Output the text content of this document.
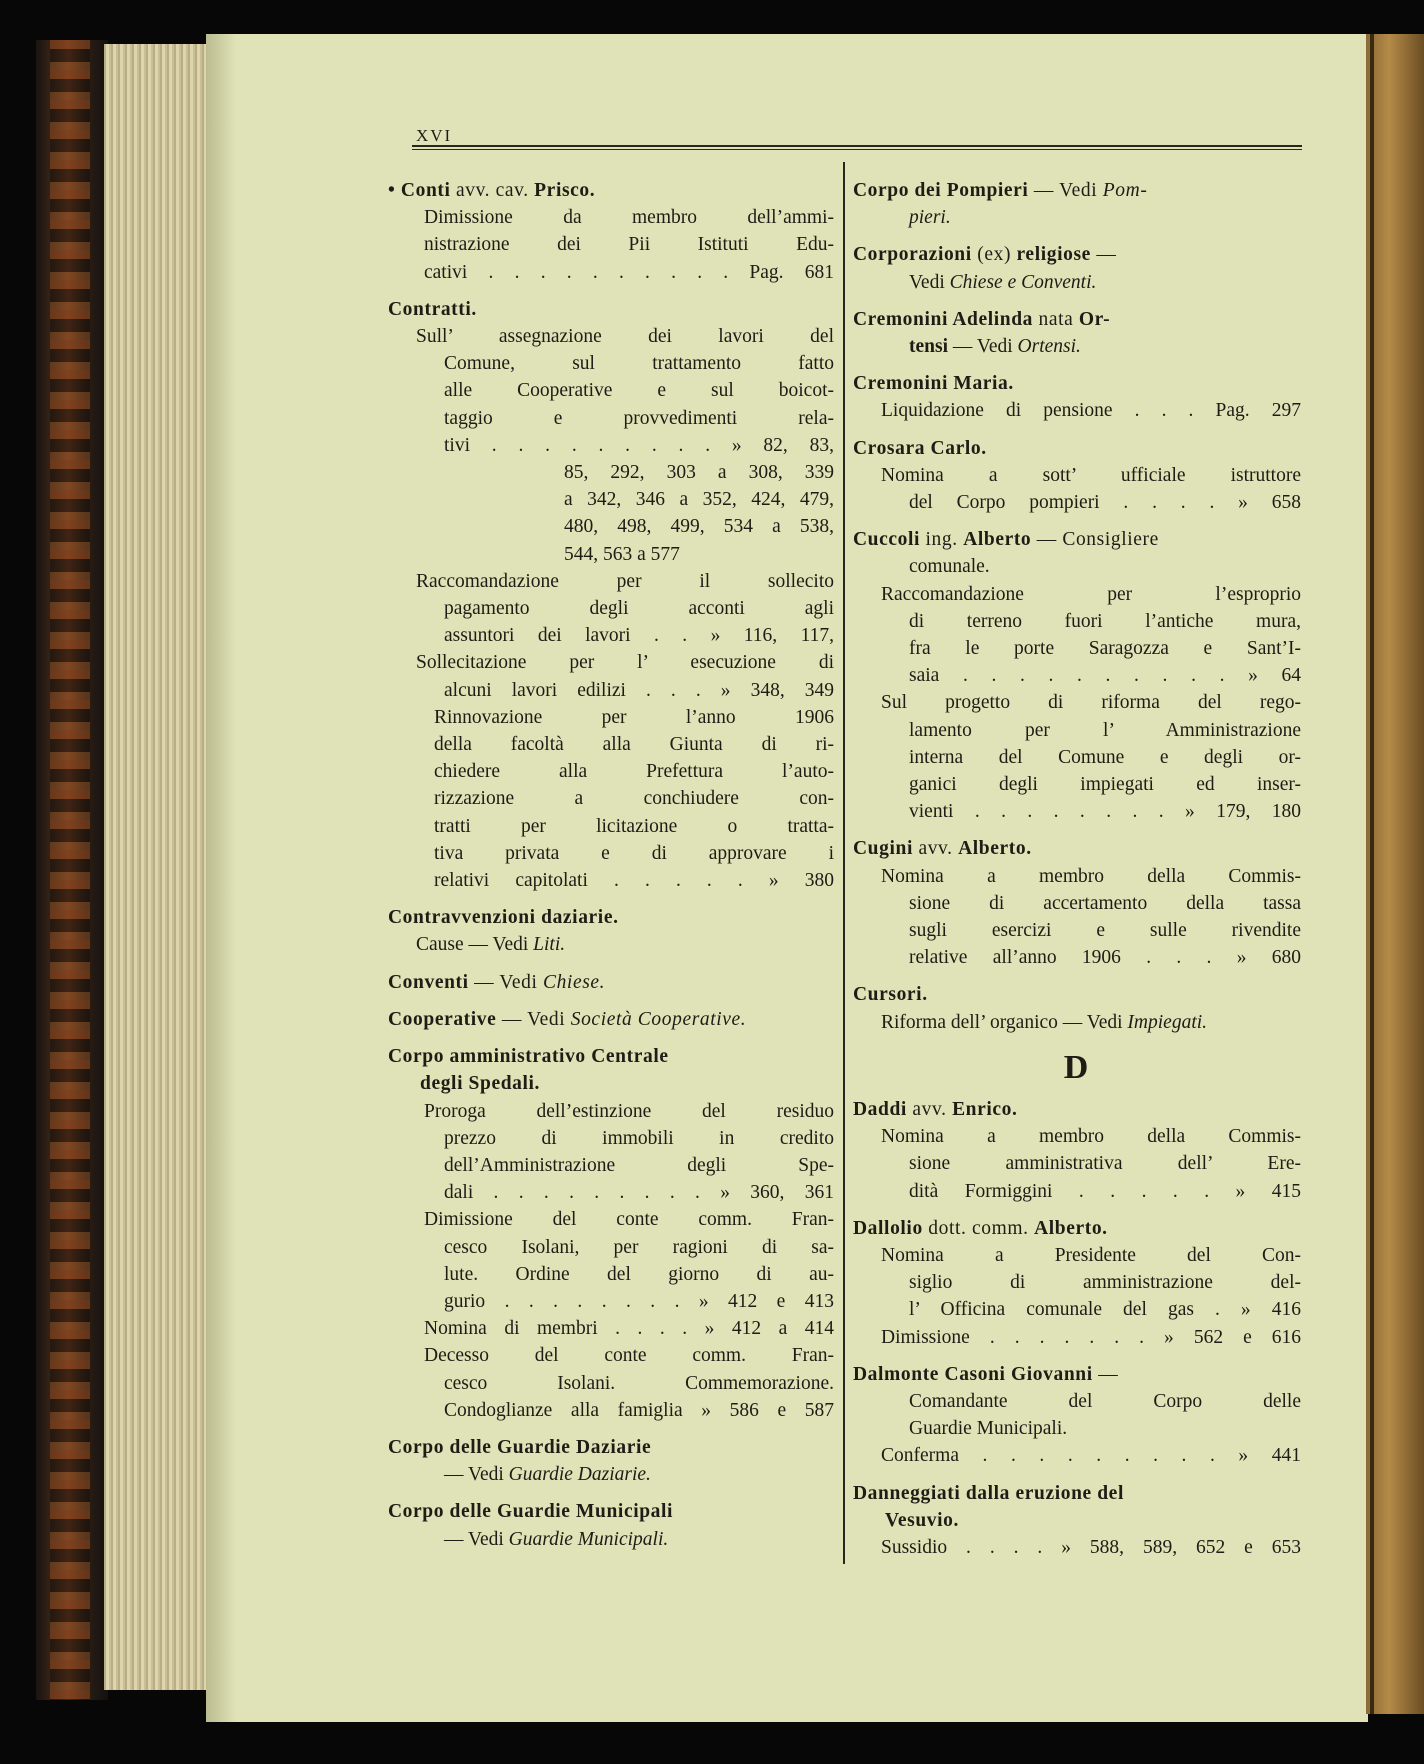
XVI
• Conti avv. cav. Prisco.
Dimissione da membro dell’ammi-
nistrazione dei Pii Istituti Edu-
cativi . . . . . . . . . . Pag. 681
Contratti.
Sull’ assegnazione dei lavori del
Comune, sul trattamento fatto
alle Cooperative e sul boicot-
taggio e provvedimenti rela-
tivi . . . . . . . . . » 82, 83,
85, 292, 303 a 308, 339
a 342, 346 a 352, 424, 479,
480, 498, 499, 534 a 538,
544, 563 a 577
Raccomandazione per il sollecito
pagamento degli acconti agli
assuntori dei lavori . . » 116, 117,
Sollecitazione per l’ esecuzione di
alcuni lavori edilizi . . . » 348, 349
Rinnovazione per l’anno 1906
della facoltà alla Giunta di ri-
chiedere alla Prefettura l’auto-
rizzazione a conchiudere con-
tratti per licitazione o tratta-
tiva privata e di approvare i
relativi capitolati . . . . . » 380
Contravvenzioni daziarie.
Cause — Vedi Liti.
Conventi — Vedi Chiese.
Cooperative — Vedi Società Cooperative.
Corpo amministrativo Centrale
degli Spedali.
Proroga dell’estinzione del residuo
prezzo di immobili in credito
dell’Amministrazione degli Spe-
dali . . . . . . . . . » 360, 361
Dimissione del conte comm. Fran-
cesco Isolani, per ragioni di sa-
lute. Ordine del giorno di au-
gurio . . . . . . . . » 412 e 413
Nomina di membri . . . . » 412 a 414
Decesso del conte comm. Fran-
cesco Isolani. Commemorazione.
Condoglianze alla famiglia » 586 e 587
Corpo delle Guardie Daziarie
— Vedi Guardie Daziarie.
Corpo delle Guardie Municipali
— Vedi Guardie Municipali.
Corpo dei Pompieri — Vedi Pom-
pieri.
Corporazioni (ex) religiose —
Vedi Chiese e Conventi.
Cremonini Adelinda nata Or-
tensi — Vedi Ortensi.
Cremonini Maria.
Liquidazione di pensione . . . Pag. 297
Crosara Carlo.
Nomina a sott’ ufficiale istruttore
del Corpo pompieri . . . . » 658
Cuccoli ing. Alberto — Consigliere
comunale.
Raccomandazione per l’esproprio
di terreno fuori l’antiche mura,
fra le porte Saragozza e Sant’I-
saia . . . . . . . . . . » 64
Sul progetto di riforma del rego-
lamento per l’ Amministrazione
interna del Comune e degli or-
ganici degli impiegati ed inser-
vienti . . . . . . . . » 179, 180
Cugini avv. Alberto.
Nomina a membro della Commis-
sione di accertamento della tassa
sugli esercizi e sulle rivendite
relative all’anno 1906 . . . » 680
Cursori.
Riforma dell’ organico — Vedi Impiegati.
D
Daddi avv. Enrico.
Nomina a membro della Commis-
sione amministrativa dell’ Ere-
dità Formiggini . . . . . » 415
Dallolio dott. comm. Alberto.
Nomina a Presidente del Con-
siglio di amministrazione del-
l’ Officina comunale del gas . » 416
Dimissione . . . . . . . » 562 e 616
Dalmonte Casoni Giovanni —
Comandante del Corpo delle
Guardie Municipali.
Conferma . . . . . . . . . » 441
Danneggiati dalla eruzione del
Vesuvio.
Sussidio . . . . » 588, 589, 652 e 653
